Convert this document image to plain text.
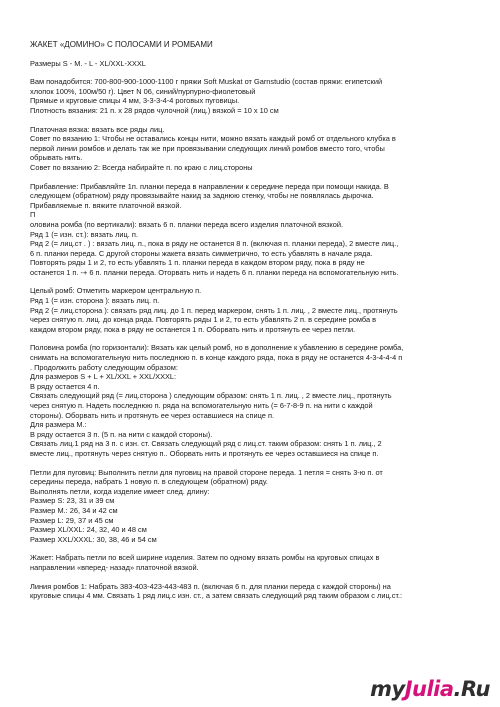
ЖАКЕТ «ДОМИНО» С ПОЛОСАМИ И РОМБАМИ

Размеры S - M. - L - XL/XXL-XXXL

Вам понадобится: 700-800-900-1000-1100 г пряжи Soft Muskat от Garnstudio (состав пряжи: египетский

хлопок 100%, 100м/50 г). Цвет N 06, синий/пурпурно-фиолетовый

Прямые и круговые спицы 4 мм, 3-3-3-4-4 роговых пуговицы.

Плотность вязания: 21 п. х 28 рядов чулочной (лиц.) вязкой = 10 х 10 см

Платочная вязка: вязать все ряды лиц.

Совет по вязанию 1: Чтобы не оставались концы нити, можно вязать каждый ромб от отдельного клубка в

первой линии ромбов и делать так же при провязывании следующих линий ромбов вместо того, чтобы

обрывать нить.

Совет по вязанию 2: Всегда набирайте п. по краю с лиц.стороны

Прибавление: Прибавляйте 1п. планки переда в направлении к середине переда при помощи накида. В

следующем (обратном) ряду провязывайте накид за заднюю стенку, чтобы не появлялась дырочка.

Прибавляемые п. вяжите платочной вязкой.

П

оловина ромба (по вертикали): вязать 6 п. планки переда всего изделия платочной вязкой.

Ряд 1 (= изн. ст.): вязать лиц. п.

Ряд 2 (= лиц.ст . ) : вязать лиц. п., пока в ряду не останется 8 п. (включая п. планки переда), 2 вместе лиц.,

6 п. планки переда. С другой стороны жакета вязать симметрично, то есть убавлять в начале ряда.

Повторять ряды 1 и 2, то есть убавлять 1 п. планки переда в каждом втором ряду, пока в ряду не

останется 1 п. -+ 6 п. планки переда. Оторвать нить и надеть 6 п. планки переда на вспомогательную нить.

Целый ромб: Отметить маркером центральную п.

Ряд 1 (= изн. сторона ): вязать лиц. п.

Ряд 2 (= лиц.сторона ): связать ряд лиц. до 1 п. перед маркером, снять 1 п. лиц. , 2 вместе лиц., протянуть

через снятую п. лиц. до конца ряда. Повторять ряды 1 и 2, то есть убавлять 2 п. в середине ромба в

каждом втором ряду, пока в ряду не останется 1 п. Оборвать нить и протянуть ее через петли.

Половина ромба (по горизонтали): Вязать как целый ромб, но в дополнение к убавлению в середине ромба,

снимать на вспомогательную нить последнюю п. в конце каждого ряда, пока в ряду не останется 4-3-4-4-4 п

. Продолжить работу следующим образом:

Для размеров S + L + XL/XXL + XXL/XXXL:

В ряду остается 4 п.

Связать следующий ряд (= лиц.сторона ) следующим образом: снять 1 п. лиц. , 2 вместе лиц., протянуть

через снятую п. Надеть последнюю п. ряда на вспомогательную нить (= 6-7-8-9 п. на нити с каждой

стороны). Оборвать нить и протянуть ее через оставшиеся на спице п.

Для размера М.:

В ряду остается 3 п. (5 п. на нити с каждой стороны).

Связать лиц.1 ряд на 3 п. с изн. ст. Связать следующий ряд с лиц.ст. таким образом: снять 1 п. лиц., 2

вместе лиц., протянуть через снятую п.. Оборвать нить и протянуть ее через оставшиеся на спице п.

Петли для пуговиц: Выполнить петли для пуговиц на правой стороне переда. 1 петля = снять 3-ю п. от

середины переда, набрать 1 новую п. в следующем (обратном) ряду.

Выполнять петли, когда изделие имеет след. длину:

Размер S: 23, 31 и 39 см

Размер М.: 26, 34 и 42 см

Размер L: 29, 37 и 45 см

Размер XL/XXL: 24, 32, 40 и 48 см

Размер XXL/XXXL: 30, 38, 46 и 54 см

Жакет: Набрать петли по всей ширине изделия. Затем по одному вязать ромбы на круговых спицах в

направлении «вперед- назад» платочной вязкой.

Линия ромбов 1: Набрать 383-403-423-443-483 п. (включая 6 п. для планки переда с каждой стороны) на

круговые спицы 4 мм. Связать 1 ряд лиц.с изн. ст., а затем связать следующий ряд таким образом с лиц.ст.:

myJulia.Ru
